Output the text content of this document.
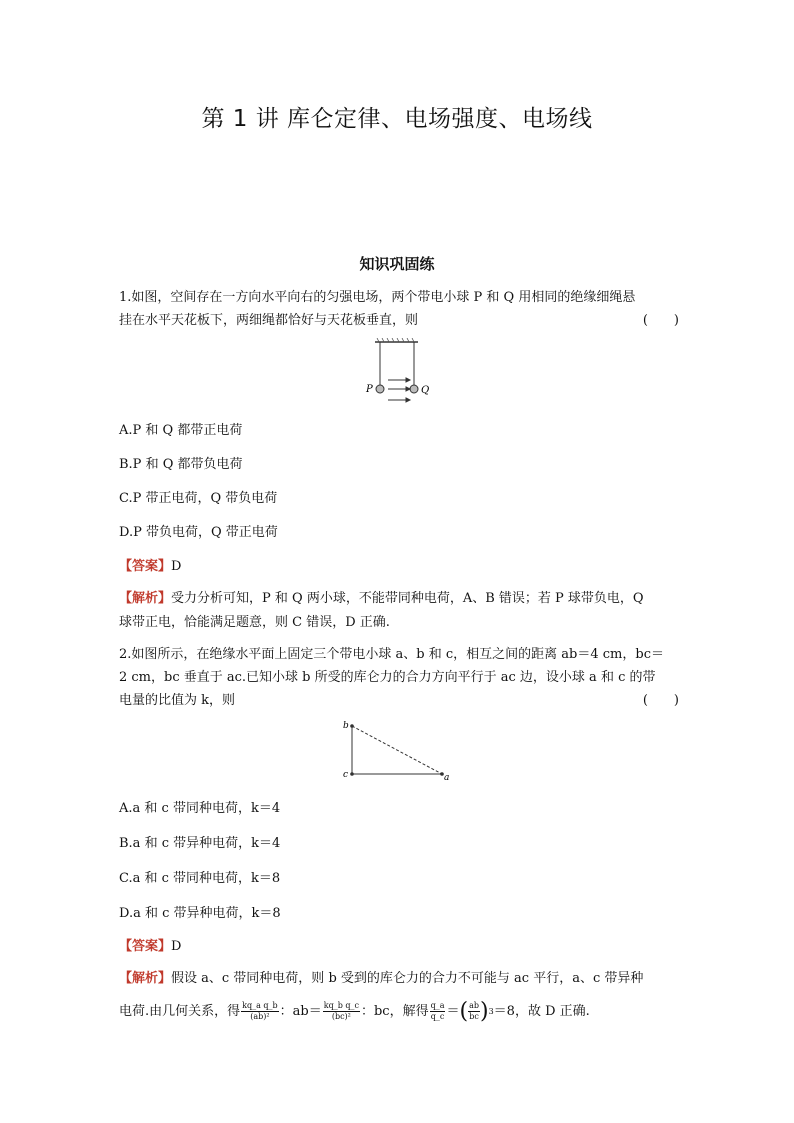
第 1 讲 库仑定律、电场强度、电场线
知识巩固练
1.如图，空间存在一方向水平向右的匀强电场，两个带电小球 P 和 Q 用相同的绝缘细绳悬
挂在水平天花板下，两细绳都恰好与天花板垂直，则	(　　)
P	Q
A.P 和 Q 都带正电荷
B.P 和 Q 都带负电荷
C.P 带正电荷，Q 带负电荷
D.P 带负电荷，Q 带正电荷
【答案】D
【解析】受力分析可知，P 和 Q 两小球，不能带同种电荷，A、B 错误；若 P 球带负电，Q
球带正电，恰能满足题意，则 C 错误，D 正确.
2.如图所示，在绝缘水平面上固定三个带电小球 a、b 和 c，相互之间的距离 ab＝4 cm，bc＝
2 cm，bc 垂直于 ac.已知小球 b 所受的库仑力的合力方向平行于 ac 边，设小球 a 和 c 的带
电量的比值为 k，则	(　　)
b
c	a
A.a 和 c 带同种电荷，k＝4
B.a 和 c 带异种电荷，k＝4
C.a 和 c 带同种电荷，k＝8
D.a 和 c 带异种电荷，k＝8
【答案】D
【解析】假设 a、c 带同种电荷，则 b 受到的库仑力的合力不可能与 ac 平行，a、c 带异种
电荷.由几何关系，得 $\frac{\text{kq\_a q\_b}}{\text{(ab)²}}$ ：$ab= \frac{\text{kq\_b q\_c}}{\text{(bc)²}}$ ：bc，解得 $\frac{q\_a}{q\_c}$ ＝ ( $\frac{ab}{bc}$ ) 3 ＝8，故 D 正确.
